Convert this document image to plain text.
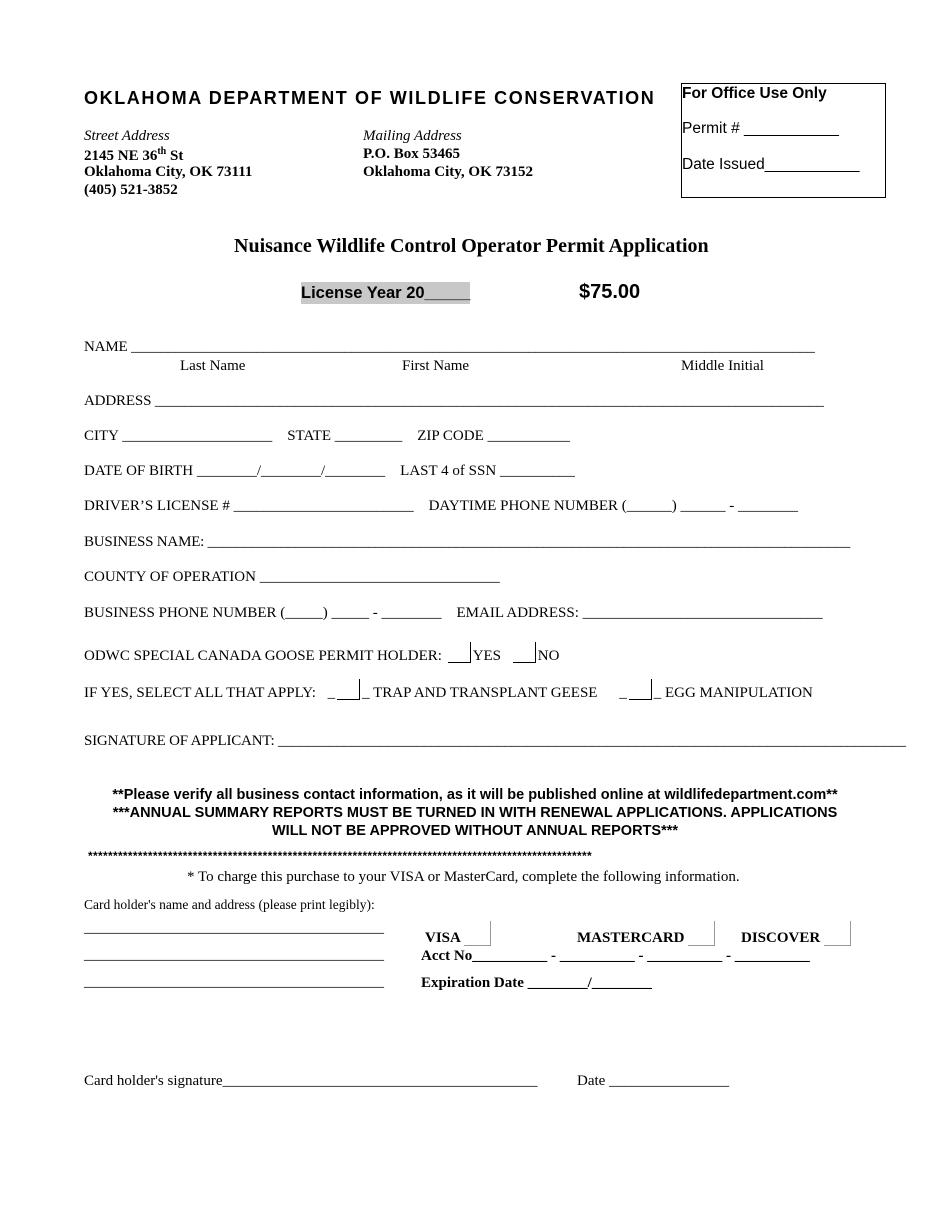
OKLAHOMA DEPARTMENT OF WILDLIFE CONSERVATION
Street Address
2145 NE 36th St
Oklahoma City, OK 73111
(405) 521-3852
Mailing Address
P.O. Box 53465
Oklahoma City, OK 73152
For Office Use Only
Permit # ___________
Date Issued___________
Nuisance Wildlife Control Operator Permit Application
License Year 20_____	$75.00
NAME _____________________________________________________________________________________________
Last Name	First Name	Middle Initial
ADDRESS ___________________________________________________________________________________________
CITY ____________________    STATE _________    ZIP CODE ___________
DATE OF BIRTH ________/________/________    LAST 4 of SSN __________
DRIVER’S LICENSE # ________________________    DAYTIME PHONE NUMBER (______) ______ - ________
BUSINESS NAME: ________________________________________________________________________________________
COUNTY OF OPERATION ________________________________
BUSINESS PHONE NUMBER (_____) _____ - ________    EMAIL ADDRESS: ________________________________
ODWC SPECIAL CANADA GOOSE PERMIT HOLDER: YES NO
IF YES, SELECT ALL THAT APPLY: _ _ TRAP AND TRANSPLANT GEESE _ _ EGG MANIPULATION
SIGNATURE OF APPLICANT: ______________________________________________________________________________________
**Please verify all business contact information, as it will be published online at wildlifedepartment.com**
***ANNUAL SUMMARY REPORTS MUST BE TURNED IN WITH RENEWAL APPLICATIONS. APPLICATIONS
WILL NOT BE APPROVED WITHOUT ANNUAL REPORTS***
*****************************************************************************************************
* To charge this purchase to your VISA or MasterCard, complete the following information.
Card holder's name and address (please print legibly):
________________________________________
________________________________________
________________________________________
VISA	MASTERCARD	DISCOVER
Acct No__________ - __________ - __________ - __________
Expiration Date ________/________
Card holder's signature__________________________________________	Date ________________
